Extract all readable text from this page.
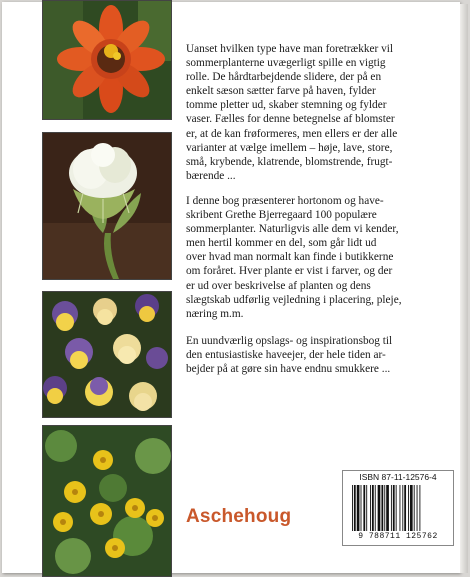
Uanset hvilken type have man foretrækker vil
sommerplanterne uvægerligt spille en vigtig
rolle. De hårdtarbejdende slidere, der på en
enkelt sæson sætter farve på haven, fylder
tomme pletter ud, skaber stemning og fylder
vaser. Fælles for denne betegnelse af blomster
er, at de kan frøformeres, men ellers er der alle
varianter at vælge imellem – høje, lave, store,
små, krybende, klatrende, blomstrende, frugt-
bærende ...
I denne bog præsenterer hortonom og have-
skribent Grethe Bjerregaard 100 populære
sommerplanter. Naturligvis alle dem vi kender,
men hertil kommer en del, som går lidt ud
over hvad man normalt kan finde i butikkerne
om foråret. Hver plante er vist i farver, og der
er ud over beskrivelse af planten og dens
slægtskab udførlig vejledning i placering, pleje,
næring m.m.
En uundværlig opslags- og inspirationsbog til
den entusiastiske haveejer, der hele tiden ar-
bejder på at gøre sin have endnu smukkere ...
Aschehoug
ISBN 87-11-12576-4
9 788711 125762
